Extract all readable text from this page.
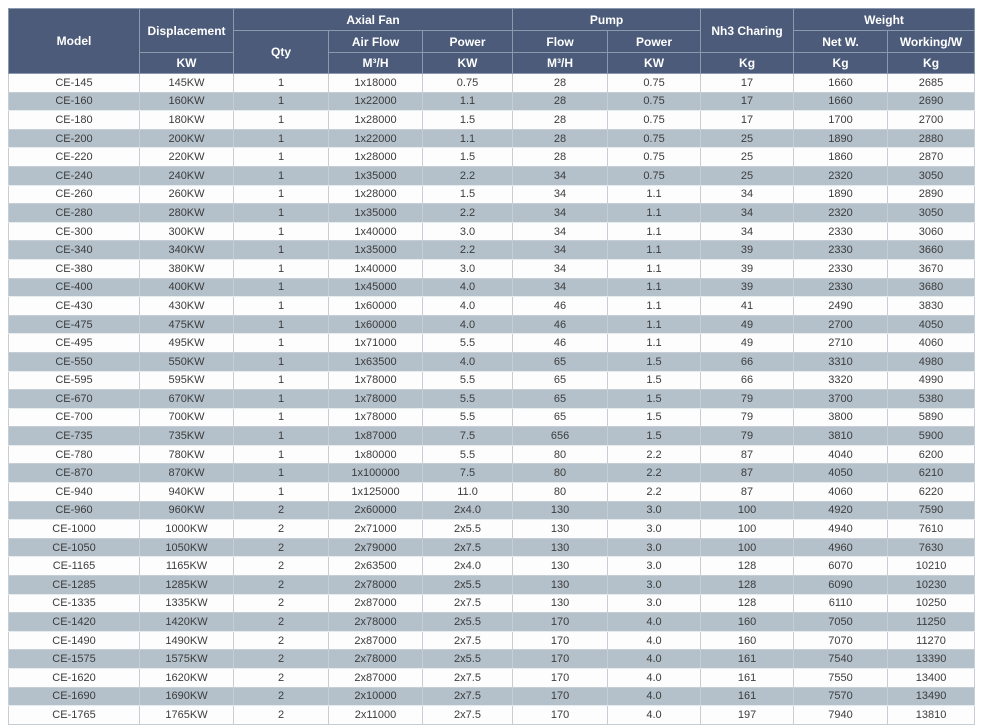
Model	Displacement	Axial Fan			Pump		Nh3 Charing	Weight	
		Qty	Air Flow	Power	Flow	Power		Net W.	Working/W
	KW		M³/H	KW	M³/H	KW	Kg	Kg	Kg
CE-145	145KW	1	1x18000	0.75	28	0.75	17	1660	2685
CE-160	160KW	1	1x22000	1.1	28	0.75	17	1660	2690
CE-180	180KW	1	1x28000	1.5	28	0.75	17	1700	2700
CE-200	200KW	1	1x22000	1.1	28	0.75	25	1890	2880
CE-220	220KW	1	1x28000	1.5	28	0.75	25	1860	2870
CE-240	240KW	1	1x35000	2.2	34	0.75	25	2320	3050
CE-260	260KW	1	1x28000	1.5	34	1.1	34	1890	2890
CE-280	280KW	1	1x35000	2.2	34	1.1	34	2320	3050
CE-300	300KW	1	1x40000	3.0	34	1.1	34	2330	3060
CE-340	340KW	1	1x35000	2.2	34	1.1	39	2330	3660
CE-380	380KW	1	1x40000	3.0	34	1.1	39	2330	3670
CE-400	400KW	1	1x45000	4.0	34	1.1	39	2330	3680
CE-430	430KW	1	1x60000	4.0	46	1.1	41	2490	3830
CE-475	475KW	1	1x60000	4.0	46	1.1	49	2700	4050
CE-495	495KW	1	1x71000	5.5	46	1.1	49	2710	4060
CE-550	550KW	1	1x63500	4.0	65	1.5	66	3310	4980
CE-595	595KW	1	1x78000	5.5	65	1.5	66	3320	4990
CE-670	670KW	1	1x78000	5.5	65	1.5	79	3700	5380
CE-700	700KW	1	1x78000	5.5	65	1.5	79	3800	5890
CE-735	735KW	1	1x87000	7.5	656	1.5	79	3810	5900
CE-780	780KW	1	1x80000	5.5	80	2.2	87	4040	6200
CE-870	870KW	1	1x100000	7.5	80	2.2	87	4050	6210
CE-940	940KW	1	1x125000	11.0	80	2.2	87	4060	6220
CE-960	960KW	2	2x60000	2x4.0	130	3.0	100	4920	7590
CE-1000	1000KW	2	2x71000	2x5.5	130	3.0	100	4940	7610
CE-1050	1050KW	2	2x79000	2x7.5	130	3.0	100	4960	7630
CE-1165	1165KW	2	2x63500	2x4.0	130	3.0	128	6070	10210
CE-1285	1285KW	2	2x78000	2x5.5	130	3.0	128	6090	10230
CE-1335	1335KW	2	2x87000	2x7.5	130	3.0	128	6110	10250
CE-1420	1420KW	2	2x78000	2x5.5	170	4.0	160	7050	11250
CE-1490	1490KW	2	2x87000	2x7.5	170	4.0	160	7070	11270
CE-1575	1575KW	2	2x78000	2x5.5	170	4.0	161	7540	13390
CE-1620	1620KW	2	2x87000	2x7.5	170	4.0	161	7550	13400
CE-1690	1690KW	2	2x10000	2x7.5	170	4.0	161	7570	13490
CE-1765	1765KW	2	2x11000	2x7.5	170	4.0	197	7940	13810
